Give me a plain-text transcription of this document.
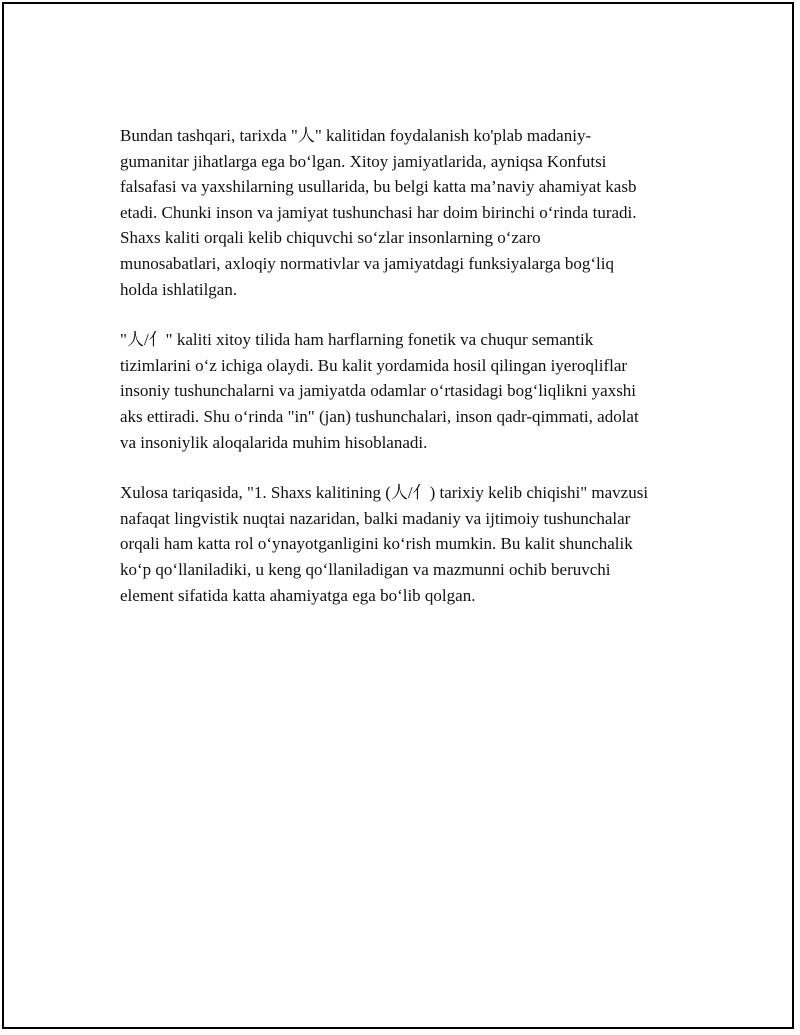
Bundan tashqari, tarixda "人" kalitidan foydalanish ko'plab madaniy-
gumanitar jihatlarga ega bo‘lgan. Xitoy jamiyatlarida, ayniqsa Konfutsi
falsafasi va yaxshilarning usullarida, bu belgi katta ma’naviy ahamiyat kasb
etadi. Chunki inson va jamiyat tushunchasi har doim birinchi o‘rinda turadi.
Shaxs kaliti orqali kelib chiquvchi so‘zlar insonlarning o‘zaro
munosabatlari, axloqiy normativlar va jamiyatdagi funksiyalarga bog‘liq
holda ishlatilgan.

"人/亻" kaliti xitoy tilida ham harflarning fonetik va chuqur semantik
tizimlarini o‘z ichiga olaydi. Bu kalit yordamida hosil qilingan iyeroqliflar
insoniy tushunchalarni va jamiyatda odamlar o‘rtasidagi bog‘liqlikni yaxshi
aks ettiradi. Shu o‘rinda "in" (jan) tushunchalari, inson qadr-qimmati, adolat
va insoniylik aloqalarida muhim hisoblanadi.

Xulosa tariqasida, "1. Shaxs kalitining (人/亻) tarixiy kelib chiqishi" mavzusi
nafaqat lingvistik nuqtai nazaridan, balki madaniy va ijtimoiy tushunchalar
orqali ham katta rol o‘ynayotganligini ko‘rish mumkin. Bu kalit shunchalik
ko‘p qo‘llaniladiki, u keng qo‘llaniladigan va mazmunni ochib beruvchi
element sifatida katta ahamiyatga ega bo‘lib qolgan.
